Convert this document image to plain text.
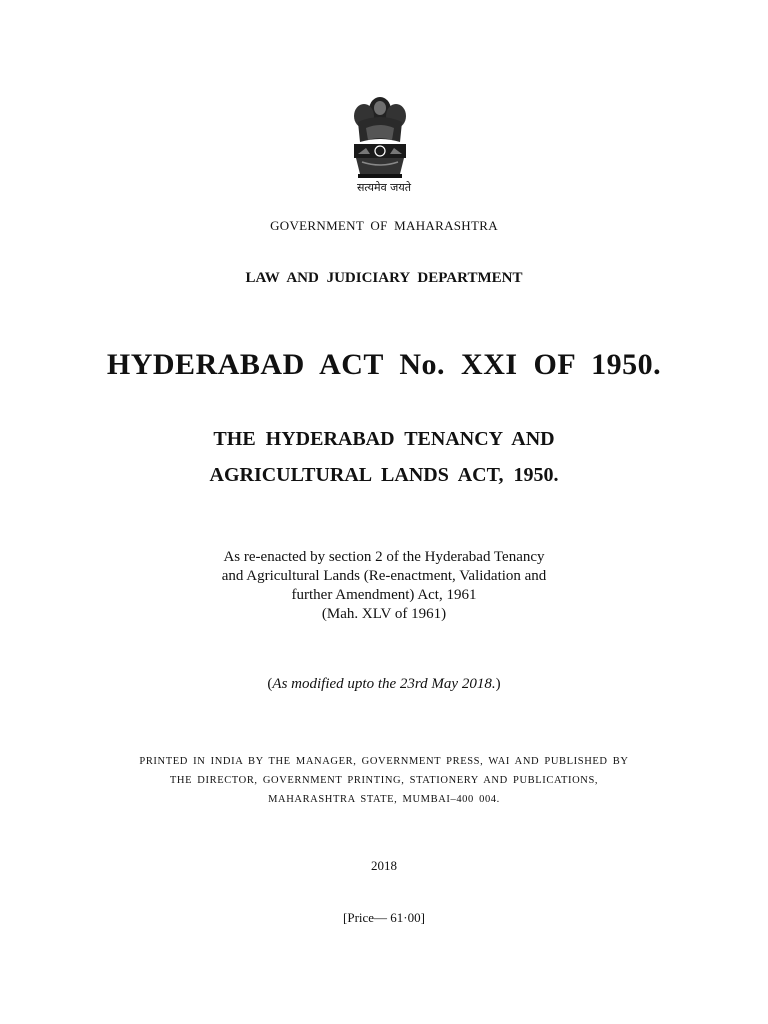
सत्यमेव जयते
GOVERNMENT OF MAHARASHTRA
LAW AND JUDICIARY DEPARTMENT
HYDERABAD ACT No. XXI OF 1950.
THE HYDERABAD TENANCY AND
AGRICULTURAL LANDS ACT, 1950.
As re-enacted by section 2 of the Hyderabad Tenancy
and Agricultural Lands (Re-enactment, Validation and
further Amendment) Act, 1961
(Mah. XLV of 1961)
(As modified upto the 23rd May 2018.)
PRINTED IN INDIA BY THE MANAGER, GOVERNMENT PRESS, WAI AND PUBLISHED BY
THE DIRECTOR, GOVERNMENT PRINTING, STATIONERY AND PUBLICATIONS,
MAHARASHTRA STATE, MUMBAI–400 004.
2018
[Price— 61·00]
